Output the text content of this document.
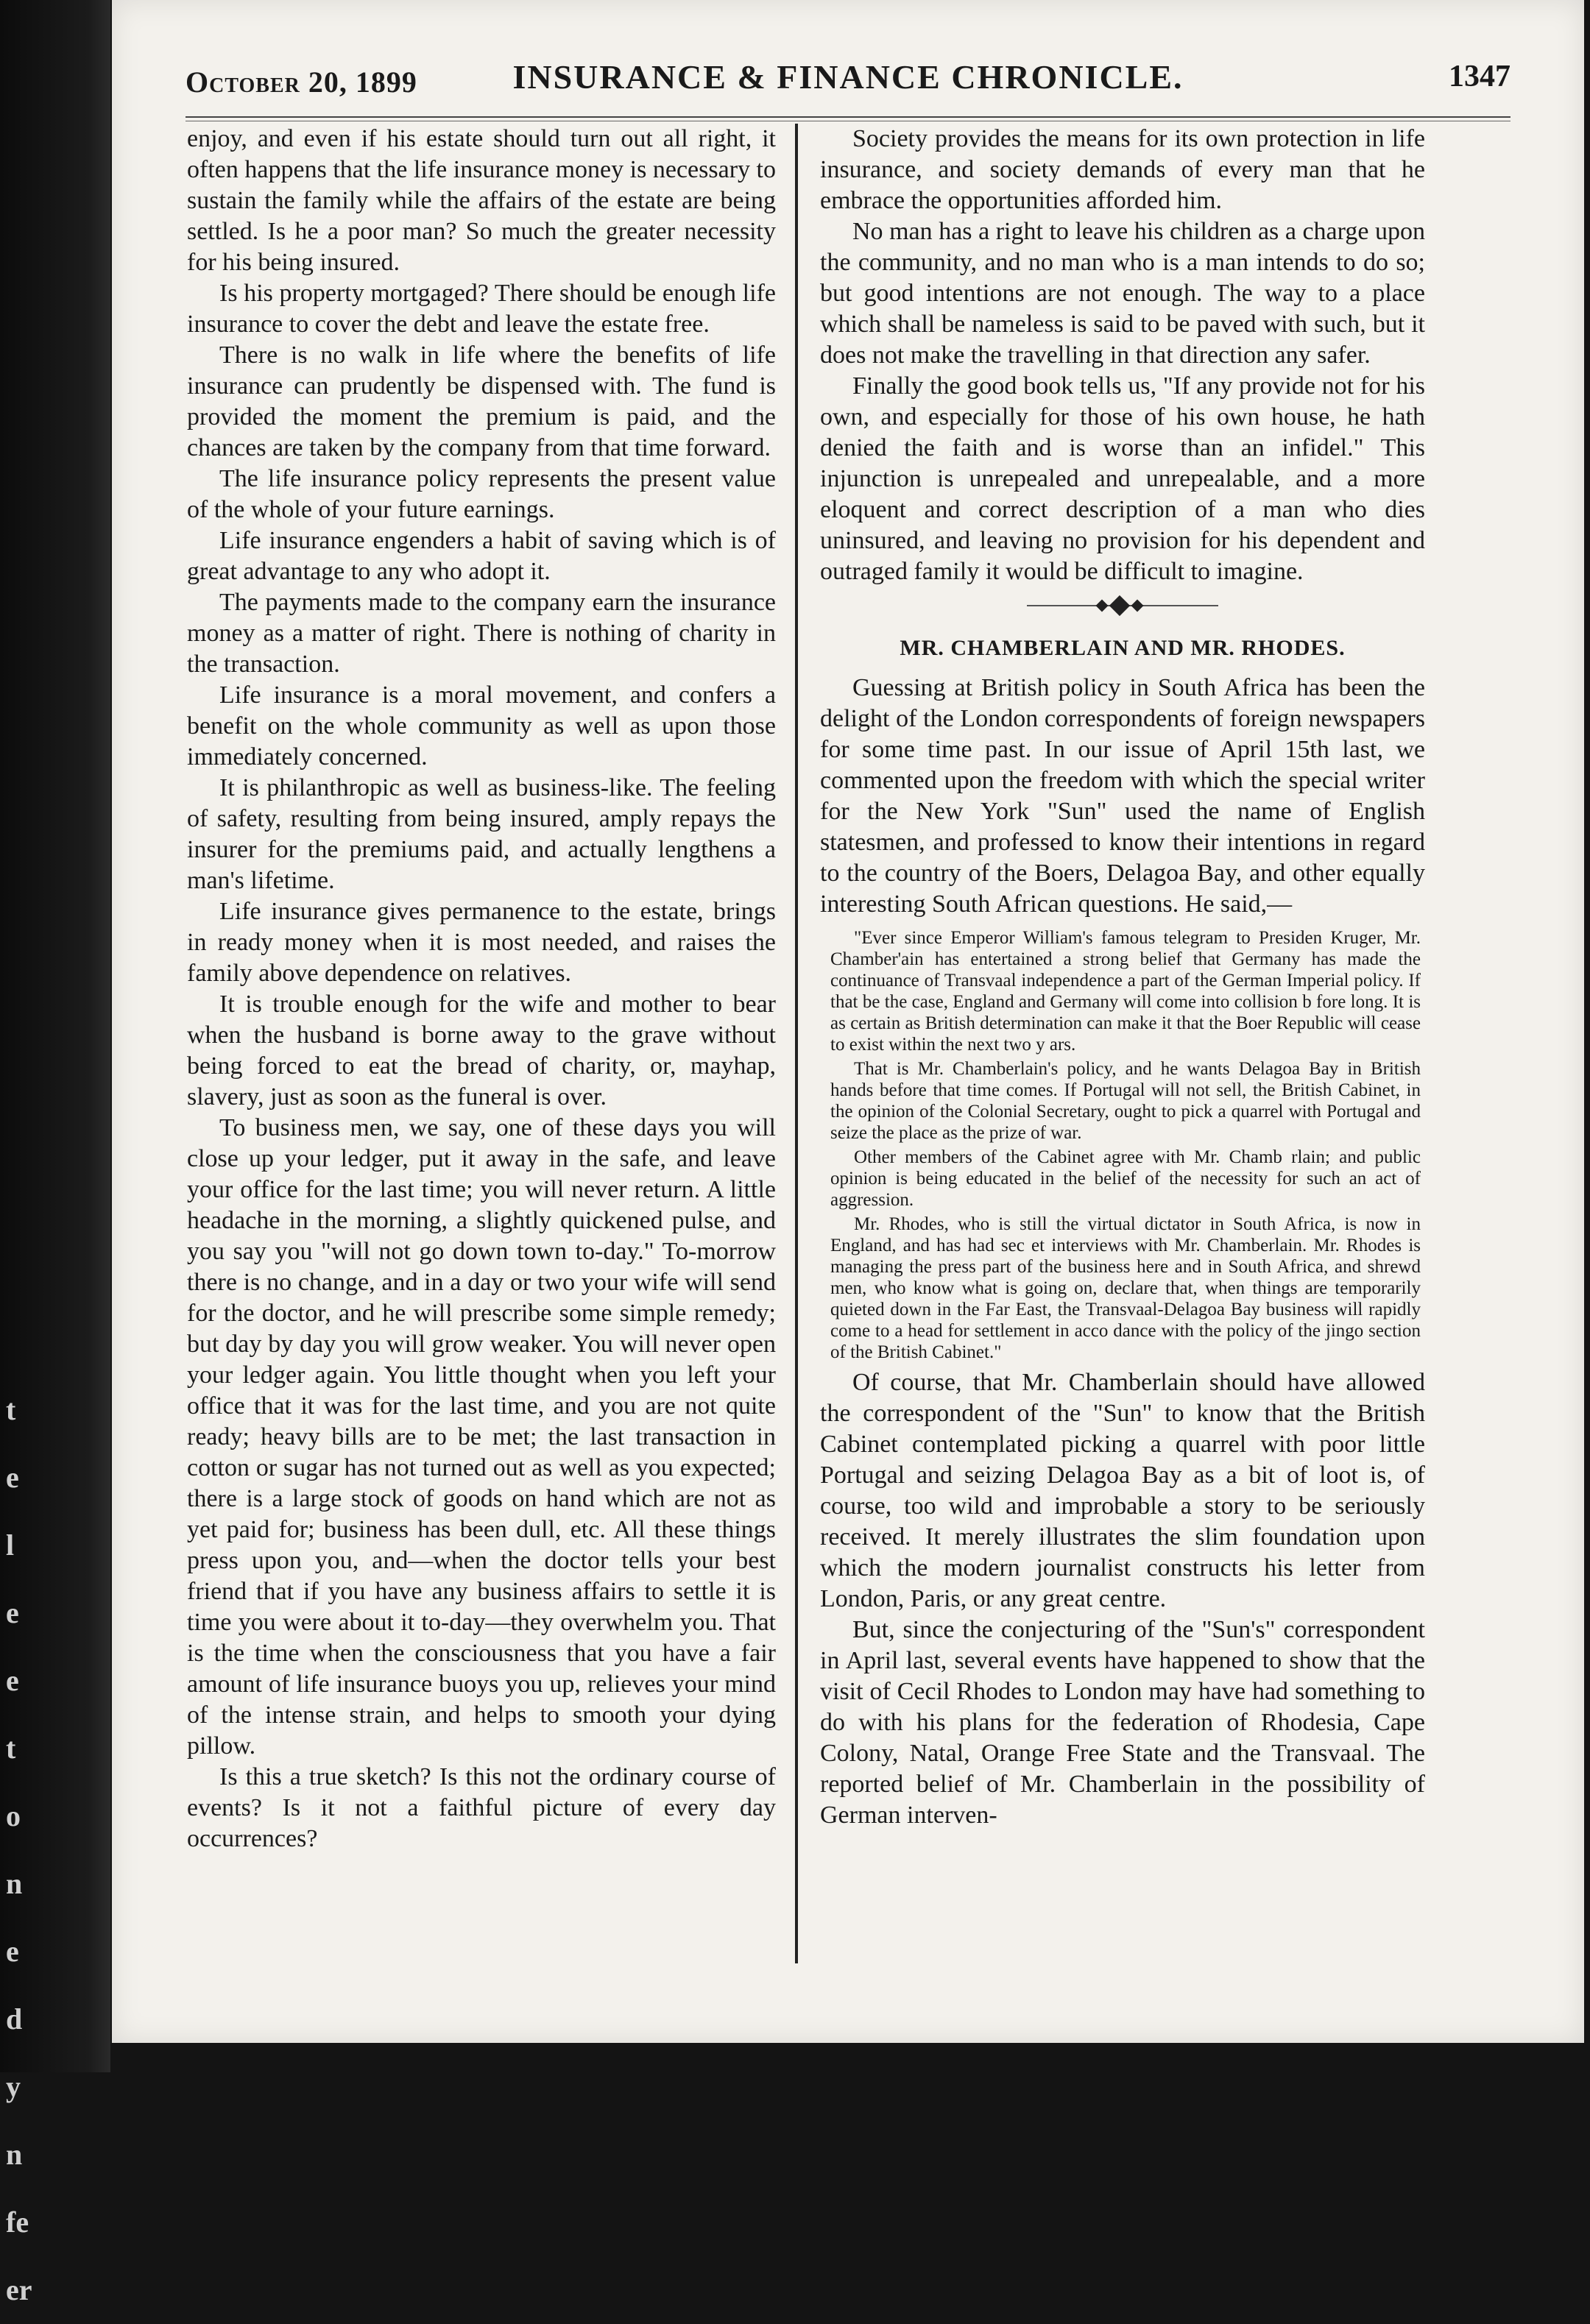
t
e
l
e
e
t
o
n
e
d
y
n
fe
er
October 20, 1899	INSURANCE & FINANCE CHRONICLE.	1347

enjoy, and even if his estate should turn out all right, it often happens that the life insurance money is necessary to sustain the family while the affairs of the estate are being settled. Is he a poor man? So much the greater necessity for his being insured.

Is his property mortgaged? There should be enough life insurance to cover the debt and leave the estate free.

There is no walk in life where the benefits of life insurance can prudently be dispensed with. The fund is provided the moment the premium is paid, and the chances are taken by the company from that time forward.

The life insurance policy represents the present value of the whole of your future earnings.

Life insurance engenders a habit of saving which is of great advantage to any who adopt it.

The payments made to the company earn the insurance money as a matter of right. There is nothing of charity in the transaction.

Life insurance is a moral movement, and confers a benefit on the whole community as well as upon those immediately concerned.

It is philanthropic as well as business-like. The feeling of safety, resulting from being insured, amply repays the insurer for the premiums paid, and actually lengthens a man's lifetime.

Life insurance gives permanence to the estate, brings in ready money when it is most needed, and raises the family above dependence on relatives.

It is trouble enough for the wife and mother to bear when the husband is borne away to the grave without being forced to eat the bread of charity, or, mayhap, slavery, just as soon as the funeral is over.

To business men, we say, one of these days you will close up your ledger, put it away in the safe, and leave your office for the last time; you will never return. A little headache in the morning, a slightly quickened pulse, and you say you "will not go down town to-day." To-morrow there is no change, and in a day or two your wife will send for the doctor, and he will prescribe some simple remedy; but day by day you will grow weaker. You will never open your ledger again. You little thought when you left your office that it was for the last time, and you are not quite ready; heavy bills are to be met; the last transaction in cotton or sugar has not turned out as well as you expected; there is a large stock of goods on hand which are not as yet paid for; business has been dull, etc. All these things press upon you, and—when the doctor tells your best friend that if you have any business affairs to settle it is time you were about it to-day—they overwhelm you. That is the time when the consciousness that you have a fair amount of life insurance buoys you up, relieves your mind of the intense strain, and helps to smooth your dying pillow.

Is this a true sketch? Is this not the ordinary course of events? Is it not a faithful picture of every day occurrences?

Society provides the means for its own protection in life insurance, and society demands of every man that he embrace the opportunities afforded him.

No man has a right to leave his children as a charge upon the community, and no man who is a man intends to do so; but good intentions are not enough. The way to a place which shall be nameless is said to be paved with such, but it does not make the travelling in that direction any safer.

Finally the good book tells us, "If any provide not for his own, and especially for those of his own house, he hath denied the faith and is worse than an infidel." This injunction is unrepealed and unrepealable, and a more eloquent and correct description of a man who dies uninsured, and leaving no provision for his dependent and outraged family it would be difficult to imagine.

MR. CHAMBERLAIN AND MR. RHODES.

Guessing at British policy in South Africa has been the delight of the London correspondents of foreign newspapers for some time past. In our issue of April 15th last, we commented upon the freedom with which the special writer for the New York "Sun" used the name of English statesmen, and professed to know their intentions in regard to the country of the Boers, Delagoa Bay, and other equally interesting South African questions. He said,—

"Ever since Emperor William's famous telegram to Presiden Kruger, Mr. Chamber'ain has entertained a strong belief that Germany has made the continuance of Transvaal independence a part of the German Imperial policy. If that be the case, England and Germany will come into collision b fore long. It is as certain as British determination can make it that the Boer Republic will cease to exist within the next two y ars.

That is Mr. Chamberlain's policy, and he wants Delagoa Bay in British hands before that time comes. If Portugal will not sell, the British Cabinet, in the opinion of the Colonial Secretary, ought to pick a quarrel with Portugal and seize the place as the prize of war.

Other members of the Cabinet agree with Mr. Chamb rlain; and public opinion is being educated in the belief of the necessity for such an act of aggression.

Mr. Rhodes, who is still the virtual dictator in South Africa, is now in England, and has had sec et interviews with Mr. Chamberlain. Mr. Rhodes is managing the press part of the business here and in South Africa, and shrewd men, who know what is going on, declare that, when things are temporarily quieted down in the Far East, the Transvaal-Delagoa Bay business will rapidly come to a head for settlement in acco dance with the policy of the jingo section of the British Cabinet."

Of course, that Mr. Chamberlain should have allowed the correspondent of the "Sun" to know that the British Cabinet contemplated picking a quarrel with poor little Portugal and seizing Delagoa Bay as a bit of loot is, of course, too wild and improbable a story to be seriously received. It merely illustrates the slim foundation upon which the modern journalist constructs his letter from London, Paris, or any great centre.

But, since the conjecturing of the "Sun's" correspondent in April last, several events have happened to show that the visit of Cecil Rhodes to London may have had something to do with his plans for the federation of Rhodesia, Cape Colony, Natal, Orange Free State and the Transvaal. The reported belief of Mr. Chamberlain in the possibility of German interven-
